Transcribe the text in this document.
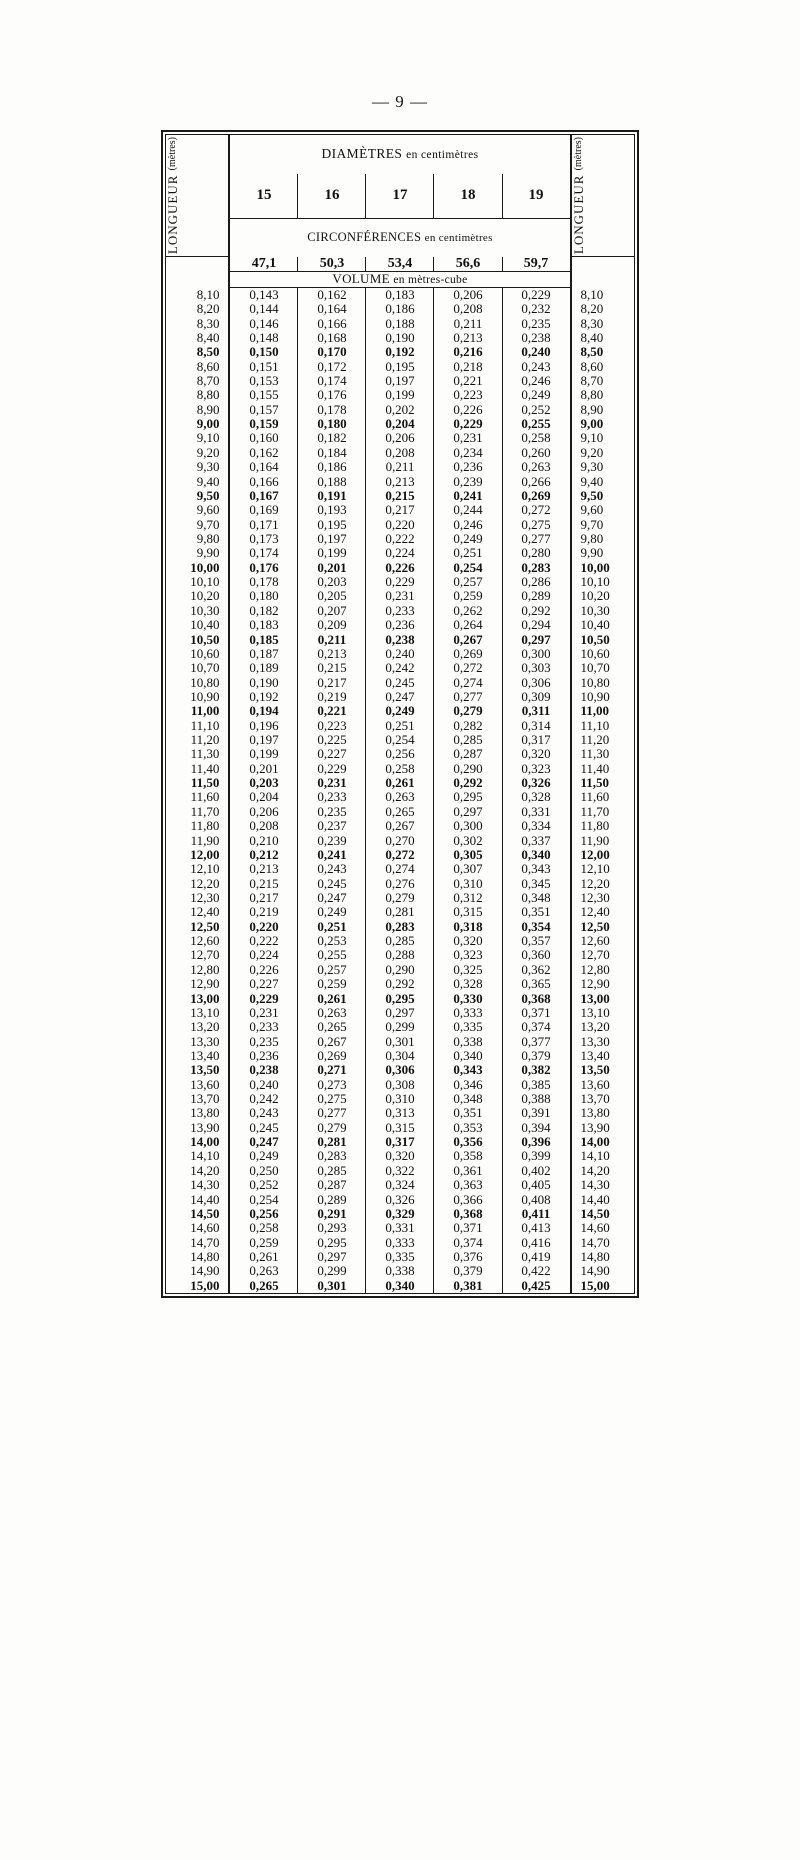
— 9 —
LONGUEUR (mètres)	DIAMÈTRES en centimètres					LONGUEUR (mètres)

	15	16	17	18	19	
	CIRCONFÉRENCES en centimètres					
	47,1	50,3	53,4	56,6	59,7	
	VOLUME en mètres-cube					
8,10	0,143	0,162	0,183	0,206	0,229	8,10
8,20	0,144	0,164	0,186	0,208	0,232	8,20
8,30	0,146	0,166	0,188	0,211	0,235	8,30
8,40	0,148	0,168	0,190	0,213	0,238	8,40
8,50	0,150	0,170	0,192	0,216	0,240	8,50
8,60	0,151	0,172	0,195	0,218	0,243	8,60
8,70	0,153	0,174	0,197	0,221	0,246	8,70
8,80	0,155	0,176	0,199	0,223	0,249	8,80
8,90	0,157	0,178	0,202	0,226	0,252	8,90
9,00	0,159	0,180	0,204	0,229	0,255	9,00
9,10	0,160	0,182	0,206	0,231	0,258	9,10
9,20	0,162	0,184	0,208	0,234	0,260	9,20
9,30	0,164	0,186	0,211	0,236	0,263	9,30
9,40	0,166	0,188	0,213	0,239	0,266	9,40
9,50	0,167	0,191	0,215	0,241	0,269	9,50
9,60	0,169	0,193	0,217	0,244	0,272	9,60
9,70	0,171	0,195	0,220	0,246	0,275	9,70
9,80	0,173	0,197	0,222	0,249	0,277	9,80
9,90	0,174	0,199	0,224	0,251	0,280	9,90
10,00	0,176	0,201	0,226	0,254	0,283	10,00
10,10	0,178	0,203	0,229	0,257	0,286	10,10
10,20	0,180	0,205	0,231	0,259	0,289	10,20
10,30	0,182	0,207	0,233	0,262	0,292	10,30
10,40	0,183	0,209	0,236	0,264	0,294	10,40
10,50	0,185	0,211	0,238	0,267	0,297	10,50
10,60	0,187	0,213	0,240	0,269	0,300	10,60
10,70	0,189	0,215	0,242	0,272	0,303	10,70
10,80	0,190	0,217	0,245	0,274	0,306	10,80
10,90	0,192	0,219	0,247	0,277	0,309	10,90
11,00	0,194	0,221	0,249	0,279	0,311	11,00
11,10	0,196	0,223	0,251	0,282	0,314	11,10
11,20	0,197	0,225	0,254	0,285	0,317	11,20
11,30	0,199	0,227	0,256	0,287	0,320	11,30
11,40	0,201	0,229	0,258	0,290	0,323	11,40
11,50	0,203	0,231	0,261	0,292	0,326	11,50
11,60	0,204	0,233	0,263	0,295	0,328	11,60
11,70	0,206	0,235	0,265	0,297	0,331	11,70
11,80	0,208	0,237	0,267	0,300	0,334	11,80
11,90	0,210	0,239	0,270	0,302	0,337	11,90
12,00	0,212	0,241	0,272	0,305	0,340	12,00
12,10	0,213	0,243	0,274	0,307	0,343	12,10
12,20	0,215	0,245	0,276	0,310	0,345	12,20
12,30	0,217	0,247	0,279	0,312	0,348	12,30
12,40	0,219	0,249	0,281	0,315	0,351	12,40
12,50	0,220	0,251	0,283	0,318	0,354	12,50
12,60	0,222	0,253	0,285	0,320	0,357	12,60
12,70	0,224	0,255	0,288	0,323	0,360	12,70
12,80	0,226	0,257	0,290	0,325	0,362	12,80
12,90	0,227	0,259	0,292	0,328	0,365	12,90
13,00	0,229	0,261	0,295	0,330	0,368	13,00
13,10	0,231	0,263	0,297	0,333	0,371	13,10
13,20	0,233	0,265	0,299	0,335	0,374	13,20
13,30	0,235	0,267	0,301	0,338	0,377	13,30
13,40	0,236	0,269	0,304	0,340	0,379	13,40
13,50	0,238	0,271	0,306	0,343	0,382	13,50
13,60	0,240	0,273	0,308	0,346	0,385	13,60
13,70	0,242	0,275	0,310	0,348	0,388	13,70
13,80	0,243	0,277	0,313	0,351	0,391	13,80
13,90	0,245	0,279	0,315	0,353	0,394	13,90
14,00	0,247	0,281	0,317	0,356	0,396	14,00
14,10	0,249	0,283	0,320	0,358	0,399	14,10
14,20	0,250	0,285	0,322	0,361	0,402	14,20
14,30	0,252	0,287	0,324	0,363	0,405	14,30
14,40	0,254	0,289	0,326	0,366	0,408	14,40
14,50	0,256	0,291	0,329	0,368	0,411	14,50
14,60	0,258	0,293	0,331	0,371	0,413	14,60
14,70	0,259	0,295	0,333	0,374	0,416	14,70
14,80	0,261	0,297	0,335	0,376	0,419	14,80
14,90	0,263	0,299	0,338	0,379	0,422	14,90
15,00	0,265	0,301	0,340	0,381	0,425	15,00
